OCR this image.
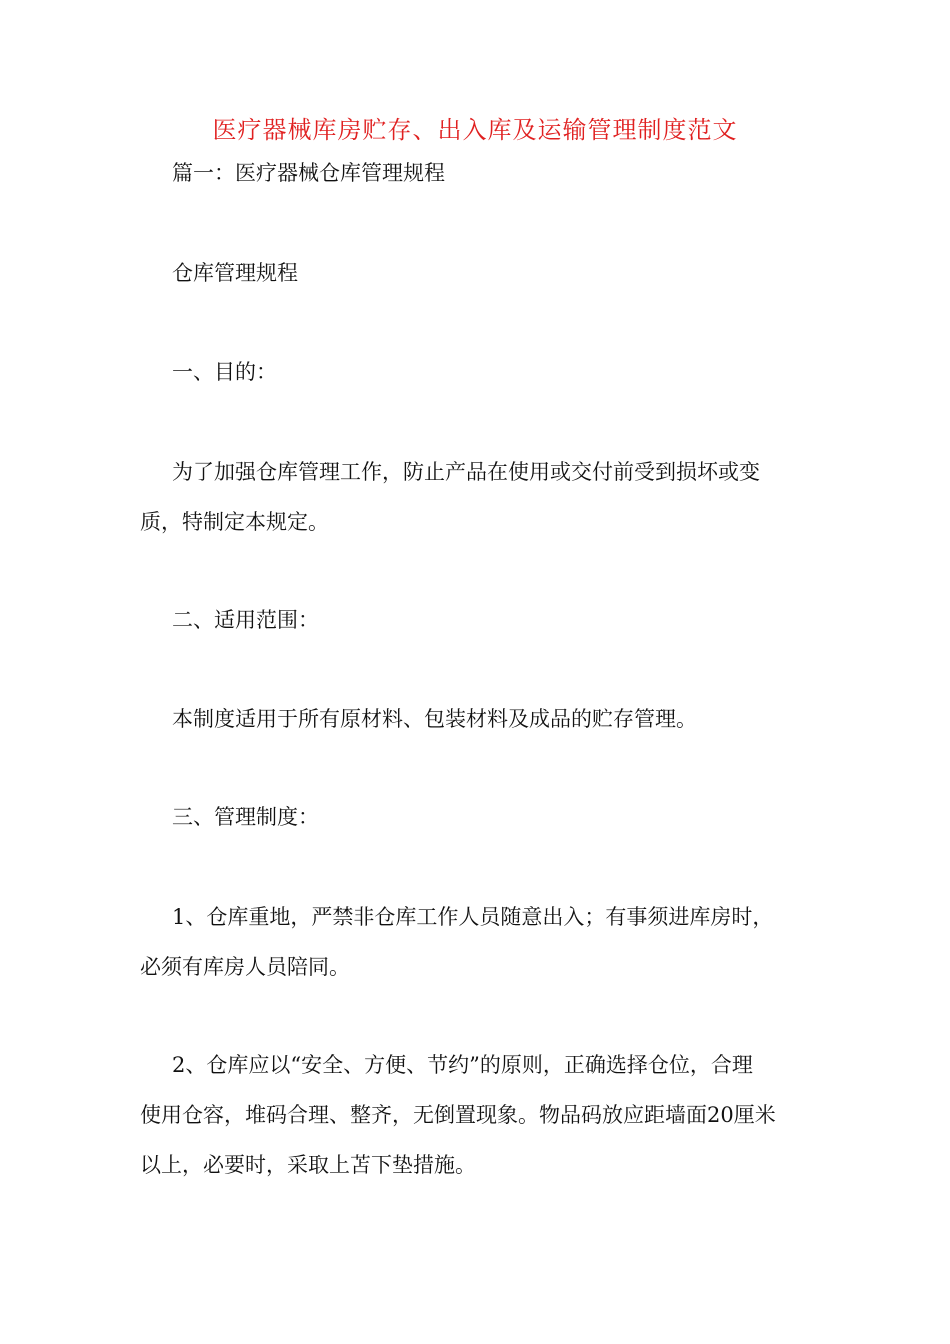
医疗器械库房贮存、出入库及运输管理制度范文
篇一：医疗器械仓库管理规程
仓库管理规程
一、目的：
为了加强仓库管理工作，防止产品在使用或交付前受到损坏或变
质，特制定本规定。
二、适用范围：
本制度适用于所有原材料、包装材料及成品的贮存管理。
三、管理制度：
1、仓库重地，严禁非仓库工作人员随意出入；有事须进库房时，
必须有库房人员陪同。
2、仓库应以“安全、方便、节约”的原则，正确选择仓位，合理
使用仓容，堆码合理、整齐，无倒置现象。物品码放应距墙面20厘米
以上，必要时，采取上苫下垫措施。
